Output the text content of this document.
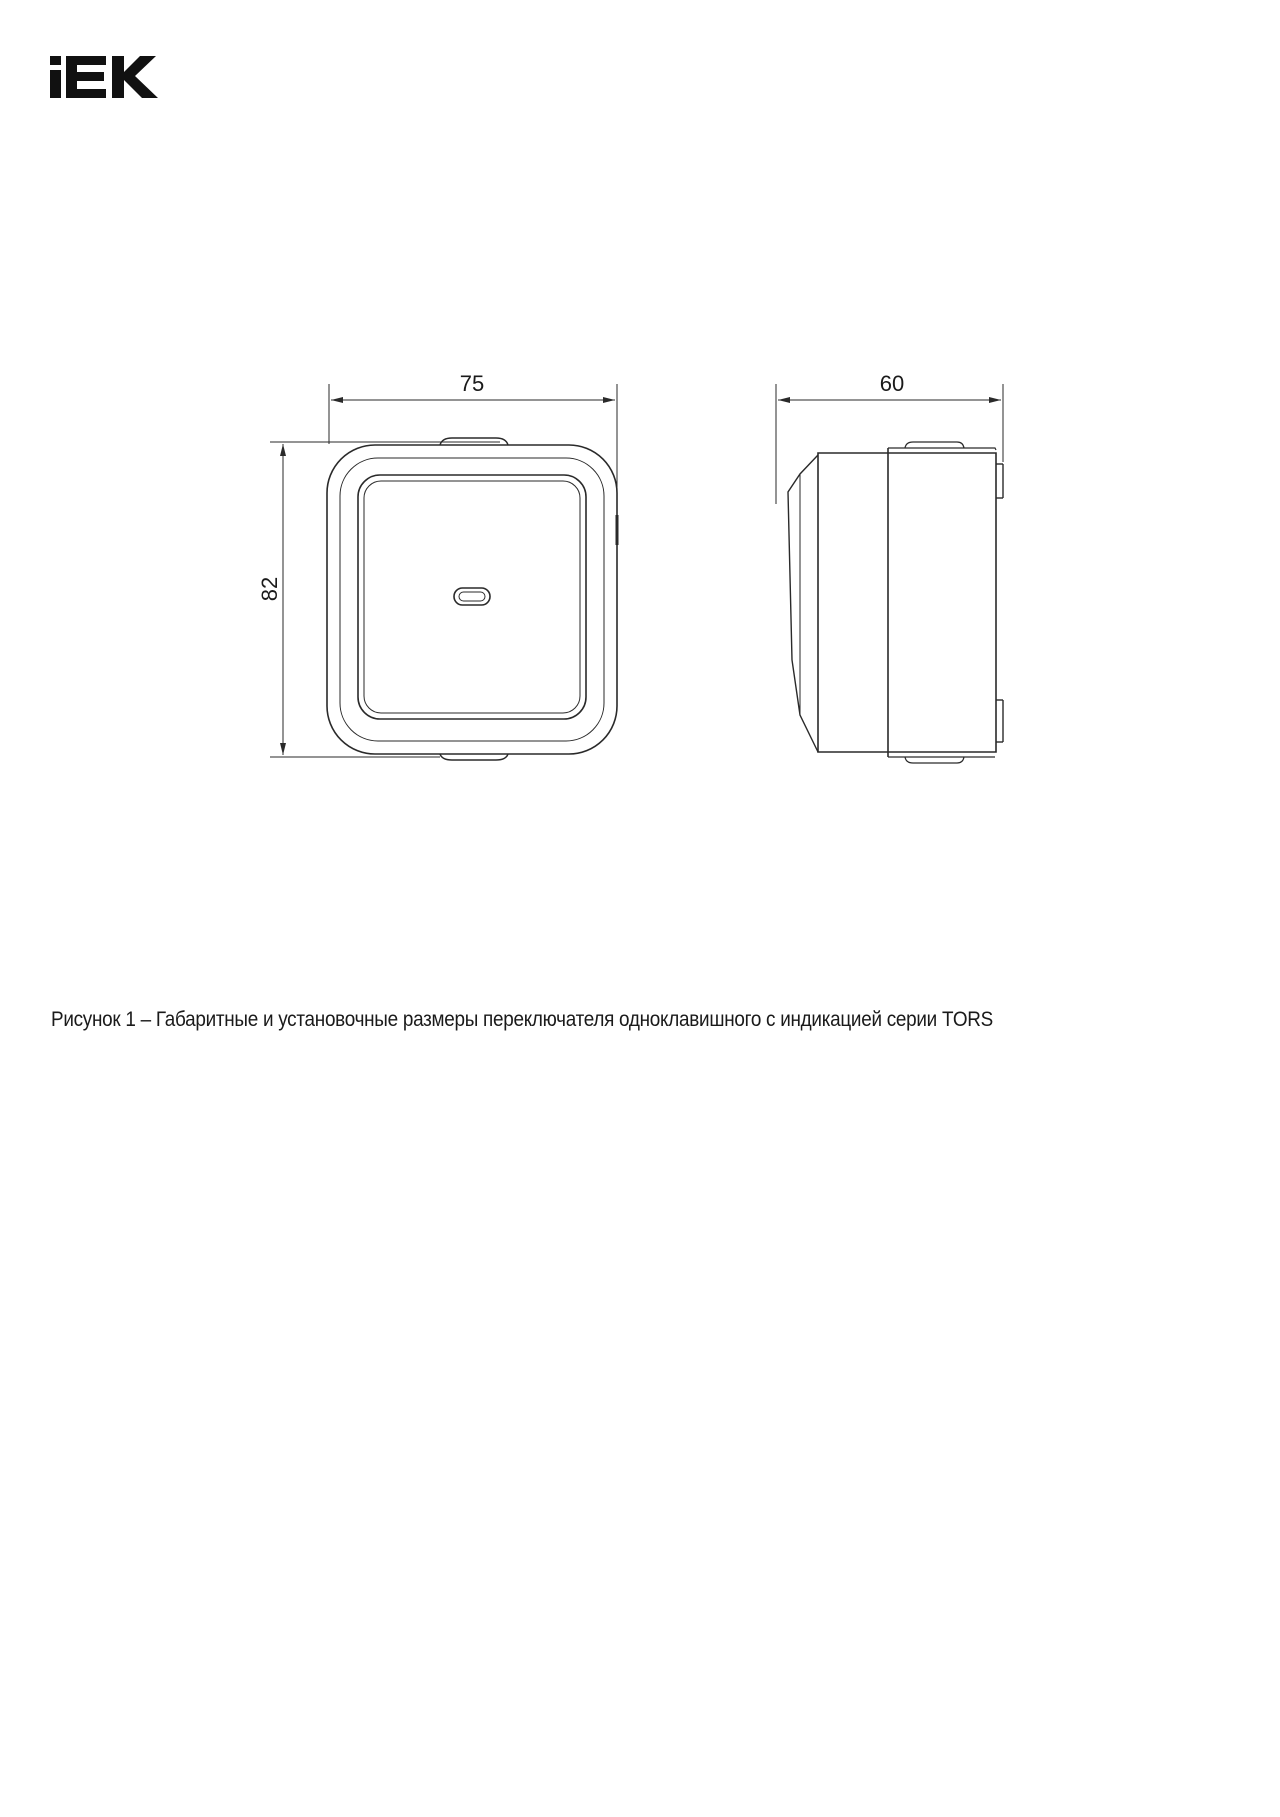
75
82
60
Рисунок 1 – Габаритные и установочные размеры переключателя одноклавишного с индикацией серии TORS
